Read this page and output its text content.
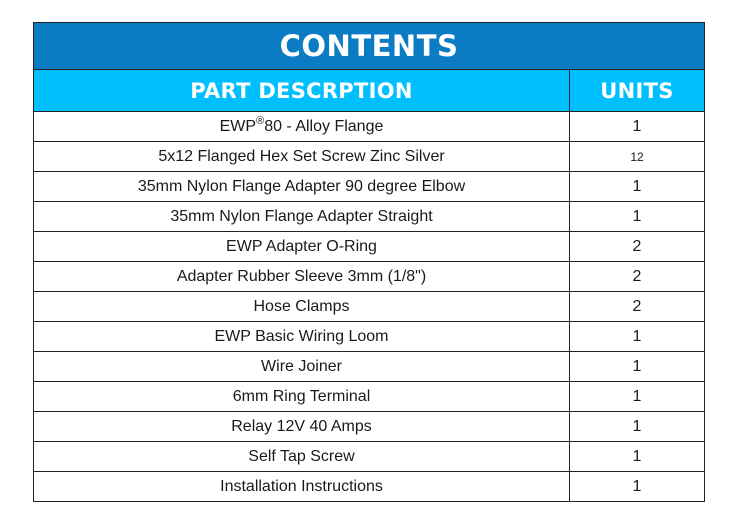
CONTENTS
PART DESCRPTION	UNITS
EWP ® 80 - Alloy Flange	1
5x12 Flanged Hex Set Screw Zinc Silver	12
35mm Nylon Flange Adapter 90 degree Elbow	1
35mm Nylon Flange Adapter Straight	1
EWP Adapter O-Ring	2
Adapter Rubber Sleeve 3mm (1/8")	2
Hose Clamps	2
EWP Basic Wiring Loom	1
Wire Joiner	1
6mm Ring Terminal	1
Relay 12V 40 Amps	1
Self Tap Screw	1
Installation Instructions	1
